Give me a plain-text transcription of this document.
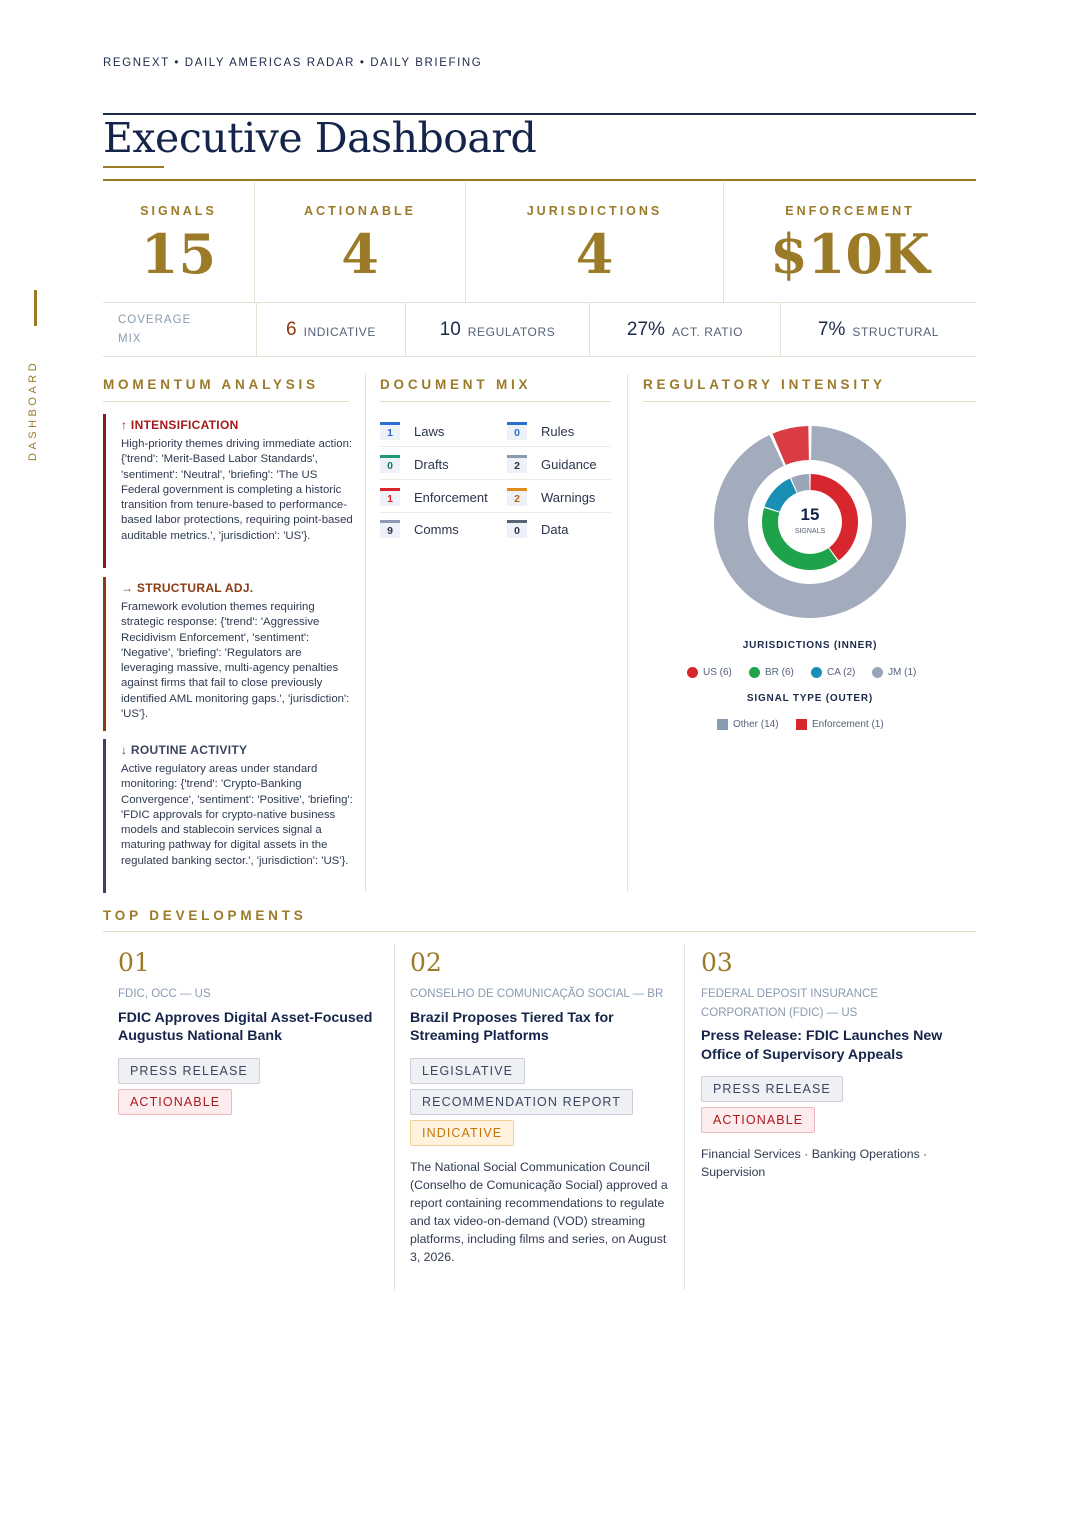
DASHBOARD
REGNEXT • DAILY AMERICAS RADAR • DAILY BRIEFING
Executive Dashboard
SIGNALS
15
ACTIONABLE
4
JURISDICTIONS
4
ENFORCEMENT
$10K
COVERAGE MIX	6 INDICATIVE	10 REGULATORS	27% ACT. RATIO	7% STRUCTURAL
MOMENTUM ANALYSIS	DOCUMENT MIX	REGULATORY INTENSITY
↑ INTENSIFICATION
High-priority themes driving immediate action: {'trend': 'Merit-Based Labor Standards', 'sentiment': 'Neutral', 'briefing': 'The US Federal government is completing a historic transition from tenure-based to performance-based labor protections, requiring point-based auditable metrics.', 'jurisdiction': 'US'}.
→ STRUCTURAL ADJ.
Framework evolution themes requiring strategic response: {'trend': 'Aggressive Recidivism Enforcement', 'sentiment': 'Negative', 'briefing': 'Regulators are leveraging massive, multi-agency penalties against firms that fail to close previously identified AML monitoring gaps.', 'jurisdiction': 'US'}.
↓ ROUTINE ACTIVITY
Active regulatory areas under standard monitoring: {'trend': 'Crypto-Banking Convergence', 'sentiment': 'Positive', 'briefing': 'FDIC approvals for crypto-native business models and stablecoin services signal a maturing pathway for digital assets in the regulated banking sector.', 'jurisdiction': 'US'}.
1	Laws	0	Rules
0	Drafts	2	Guidance
1	Enforcement	2	Warnings
9	Comms	0	Data
15
SIGNALS
JURISDICTIONS (INNER)
US (6)	BR (6)	CA (2)	JM (1)
SIGNAL TYPE (OUTER)
Other (14)	Enforcement (1)
TOP DEVELOPMENTS
01
FDIC, OCC — US
FDIC Approves Digital Asset-Focused Augustus National Bank
PRESS RELEASE
ACTIONABLE
02
CONSELHO DE COMUNICAÇÃO SOCIAL — BR
Brazil Proposes Tiered Tax for Streaming Platforms
LEGISLATIVE
RECOMMENDATION REPORT
INDICATIVE
The National Social Communication Council (Conselho de Comunicação Social) approved a report containing recommendations to regulate and tax video-on-demand (VOD) streaming platforms, including films and series, on August 3, 2026.
03
FEDERAL DEPOSIT INSURANCE CORPORATION (FDIC) — US
Press Release: FDIC Launches New Office of Supervisory Appeals
PRESS RELEASE
ACTIONABLE
Financial Services · Banking Operations · Supervision
